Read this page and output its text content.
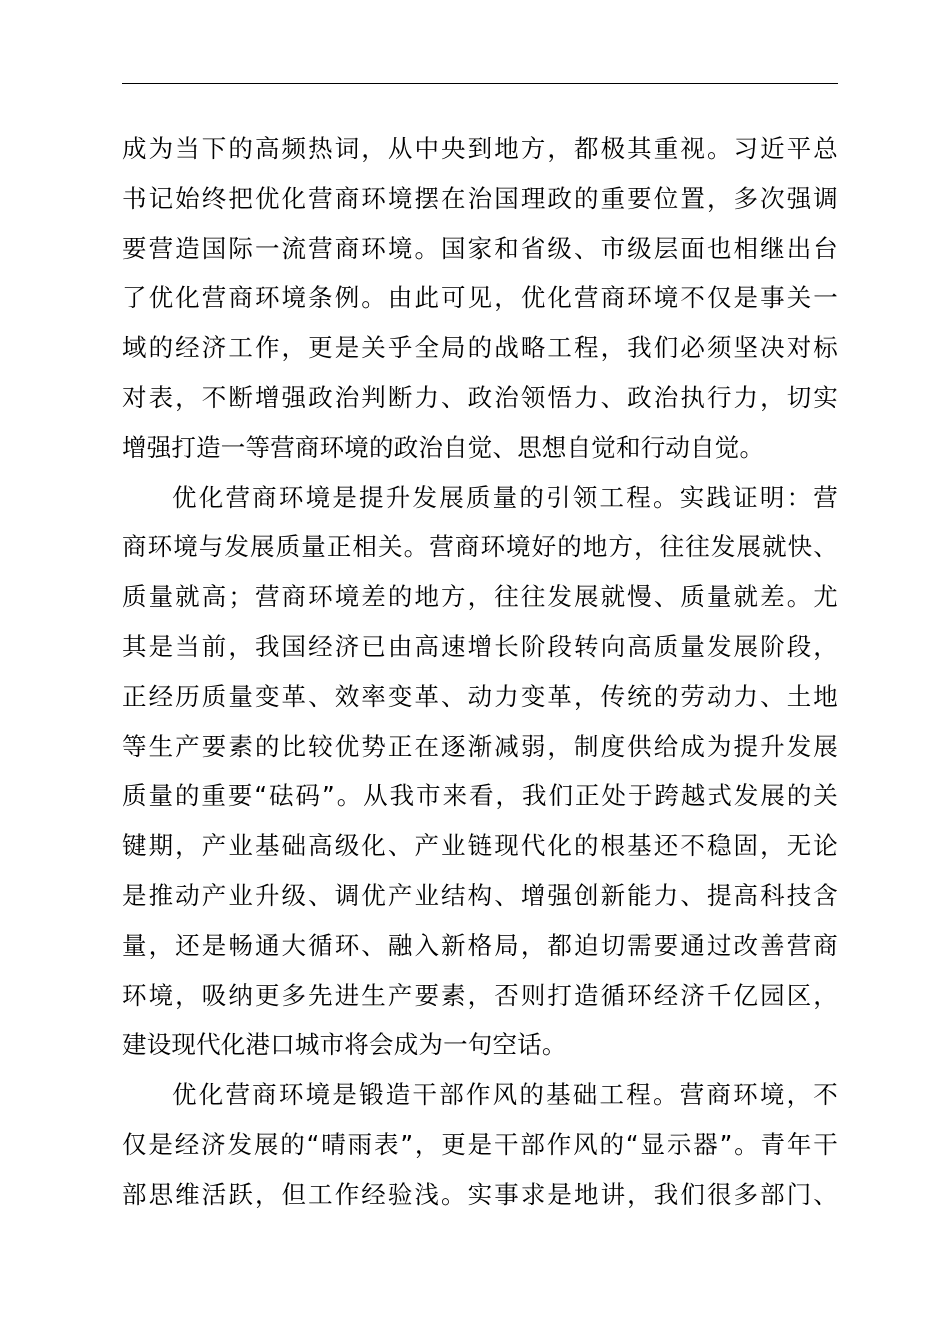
成为当下的高频热词，从中央到地方，都极其重视。习近平总
书记始终把优化营商环境摆在治国理政的重要位置，多次强调
要营造国际一流营商环境。国家和省级、市级层面也相继出台
了优化营商环境条例。由此可见，优化营商环境不仅是事关一
域的经济工作，更是关乎全局的战略工程，我们必须坚决对标
对表，不断增强政治判断力、政治领悟力、政治执行力，切实
增强打造一等营商环境的政治自觉、思想自觉和行动自觉。
优化营商环境是提升发展质量的引领工程。实践证明：营
商环境与发展质量正相关。营商环境好的地方，往往发展就快、
质量就高；营商环境差的地方，往往发展就慢、质量就差。尤
其是当前，我国经济已由高速增长阶段转向高质量发展阶段，
正经历质量变革、效率变革、动力变革，传统的劳动力、土地
等生产要素的比较优势正在逐渐减弱，制度供给成为提升发展
质量的重要“砝码”。从我市来看，我们正处于跨越式发展的关
键期，产业基础高级化、产业链现代化的根基还不稳固，无论
是推动产业升级、调优产业结构、增强创新能力、提高科技含
量，还是畅通大循环、融入新格局，都迫切需要通过改善营商
环境，吸纳更多先进生产要素，否则打造循环经济千亿园区，
建设现代化港口城市将会成为一句空话。
优化营商环境是锻造干部作风的基础工程。营商环境，不
仅是经济发展的“晴雨表”，更是干部作风的“显示器”。青年干
部思维活跃，但工作经验浅。实事求是地讲，我们很多部门、
